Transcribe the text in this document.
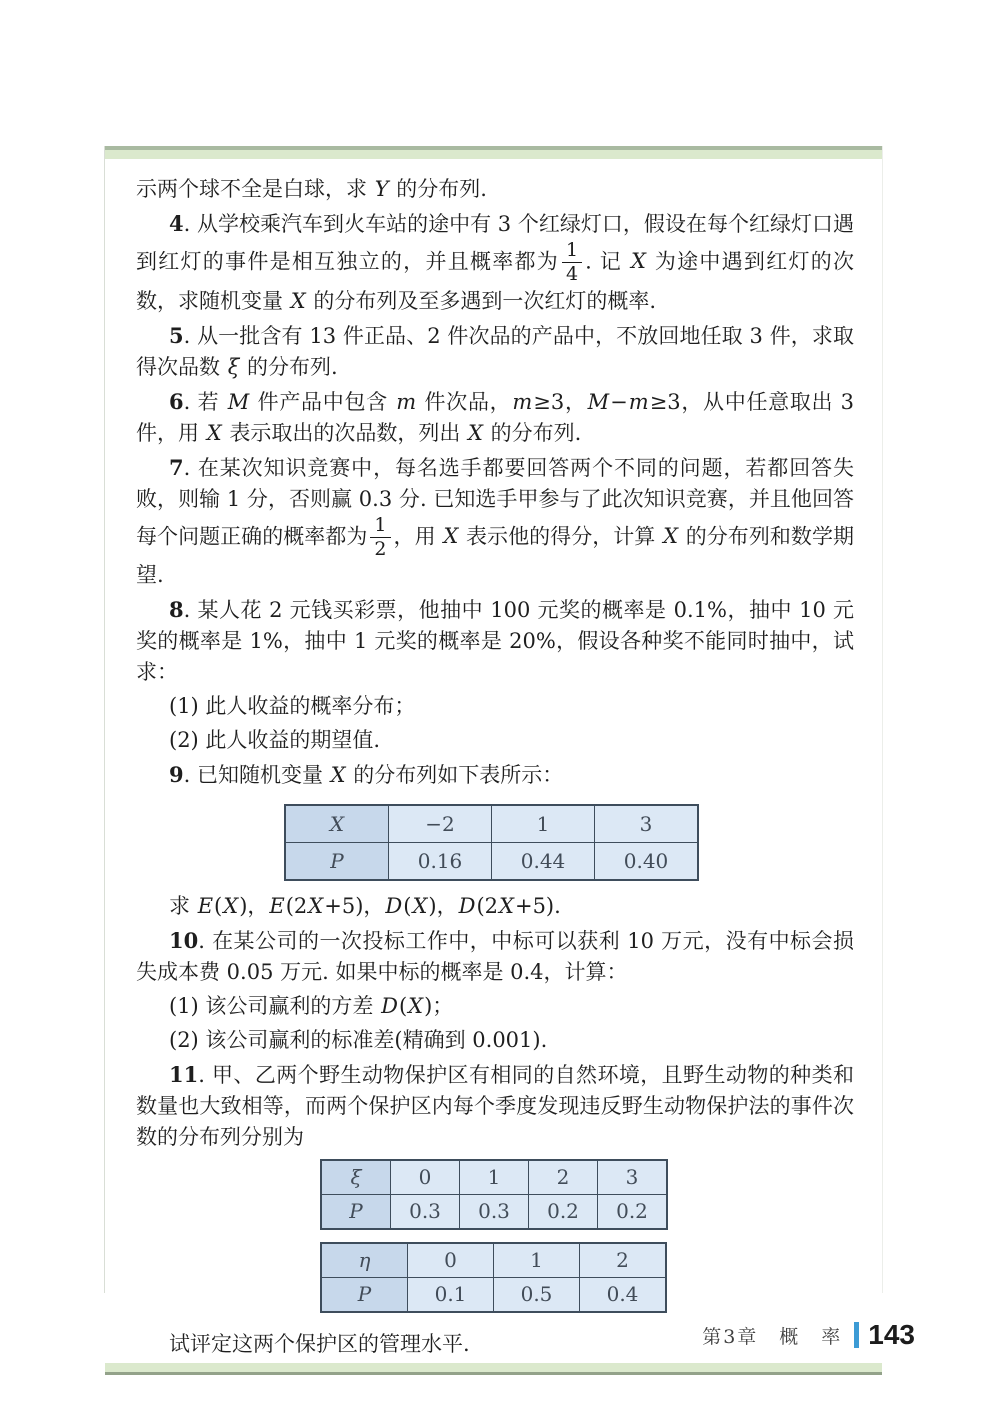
示两个球不全是白球，求 Y 的分布列.

4. 从学校乘汽车到火车站的途中有 3 个红绿灯口，假设在每个红绿灯口遇到红灯的事件是相互独立的，并且概率都为 $\frac{1}{4}$ . 记 X 为途中遇到红灯的次数，求随机变量 X 的分布列及至多遇到一次红灯的概率.

5. 从一批含有 13 件正品、2 件次品的产品中，不放回地任取 3 件，求取得次品数 ξ 的分布列.

6. 若 M 件产品中包含 m 件次品，m≥3，M−m≥3，从中任意取出 3 件，用 X 表示取出的次品数，列出 X 的分布列.

7. 在某次知识竞赛中，每名选手都要回答两个不同的问题，若都回答失败，则输 1 分，否则赢 0.3 分. 已知选手甲参与了此次知识竞赛，并且他回答每个问题正确的概率都为 $\frac{1}{2}$ ，用 X 表示他的得分，计算 X 的分布列和数学期望.

8. 某人花 2 元钱买彩票，他抽中 100 元奖的概率是 0.1%，抽中 10 元奖的概率是 1%，抽中 1 元奖的概率是 20%，假设各种奖不能同时抽中，试求：

(1) 此人收益的概率分布；

(2) 此人收益的期望值.

9. 已知随机变量 X 的分布列如下表所示：

X	−2	1	3
P	0.16	0.44	0.40

求 E(X)，E(2X+5)，D(X)，D(2X+5).

10. 在某公司的一次投标工作中，中标可以获利 10 万元，没有中标会损失成本费 0.05 万元. 如果中标的概率是 0.4，计算：

(1) 该公司赢利的方差 D(X)；

(2) 该公司赢利的标准差(精确到 0.001).

11. 甲、乙两个野生动物保护区有相同的自然环境，且野生动物的种类和数量也大致相等，而两个保护区内每个季度发现违反野生动物保护法的事件次数的分布列分别为

ξ	0	1	2	3
P	0.3	0.3	0.2	0.2
η	0	1	2
P	0.1	0.5	0.4

试评定这两个保护区的管理水平.	第3章　概　率 143
